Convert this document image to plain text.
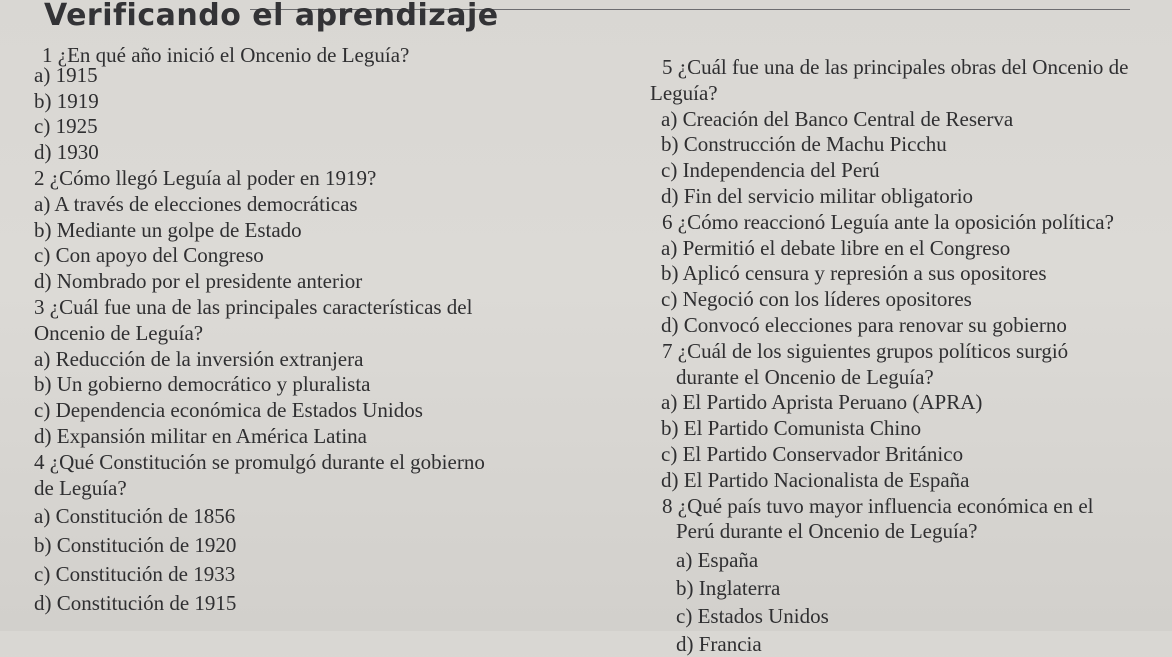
Verificando el aprendizaje
1 ¿En qué año inició el Oncenio de Leguía?
a) 1915
b) 1919
c) 1925
d) 1930
2 ¿Cómo llegó Leguía al poder en 1919?
a) A través de elecciones democráticas
b) Mediante un golpe de Estado
c) Con apoyo del Congreso
d) Nombrado por el presidente anterior
3 ¿Cuál fue una de las principales características del
Oncenio de Leguía?
a) Reducción de la inversión extranjera
b) Un gobierno democrático y pluralista
c) Dependencia económica de Estados Unidos
d) Expansión militar en América Latina
4 ¿Qué Constitución se promulgó durante el gobierno
de Leguía?
a) Constitución de 1856
b) Constitución de 1920
c) Constitución de 1933
d) Constitución de 1915
5 ¿Cuál fue una de las principales obras del Oncenio de
Leguía?
a) Creación del Banco Central de Reserva
b) Construcción de Machu Picchu
c) Independencia del Perú
d) Fin del servicio militar obligatorio
6 ¿Cómo reaccionó Leguía ante la oposición política?
a) Permitió el debate libre en el Congreso
b) Aplicó censura y represión a sus opositores
c) Negoció con los líderes opositores
d) Convocó elecciones para renovar su gobierno
7 ¿Cuál de los siguientes grupos políticos surgió
durante el Oncenio de Leguía?
a) El Partido Aprista Peruano (APRA)
b) El Partido Comunista Chino
c) El Partido Conservador Británico
d) El Partido Nacionalista de España
8 ¿Qué país tuvo mayor influencia económica en el
Perú durante el Oncenio de Leguía?
a) España
b) Inglaterra
c) Estados Unidos
d) Francia
